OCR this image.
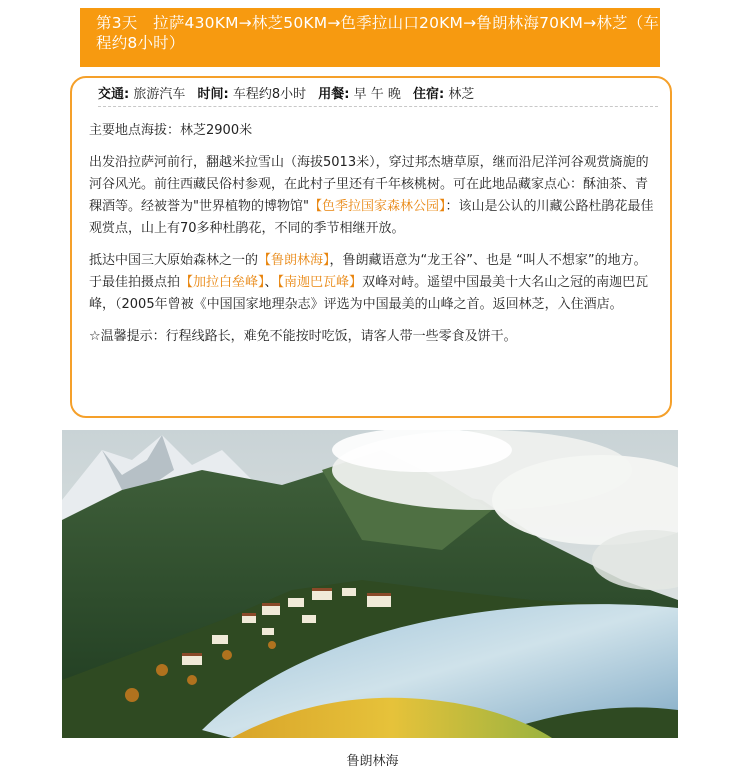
第3天　拉萨430KM→林芝50KM→色季拉山口20KM→鲁朗林海70KM→林芝（车程约8小时）
交通: 旅游汽车 时间: 车程约8小时 用餐: 早 午 晚 住宿: 林芝

主要地点海拔：林芝2900米

出发沿拉萨河前行，翻越米拉雪山（海拔5013米），穿过邦杰塘草原，继而沿尼洋河谷观赏旖旎的河谷风光。前往西藏民俗村参观，在此村子里还有千年核桃树。可在此地品藏家点心：酥油茶、青稞酒等。经被誉为"世界植物的博物馆"【色季拉国家森林公园】：该山是公认的川藏公路杜鹃花最佳观赏点，山上有70多种杜鹃花，不同的季节相继开放。

抵达中国三大原始森林之一的【鲁朗林海】，鲁朗藏语意为“龙王谷”、也是 “叫人不想家”的地方。于最佳拍摄点拍【加拉白垒峰】、【南迦巴瓦峰】双峰对峙。遥望中国最美十大名山之冠的南迦巴瓦峰，（2005年曾被《中国国家地理杂志》评选为中国最美的山峰之首。返回林芝，入住酒店。

☆温馨提示：行程线路长，难免不能按时吃饭，请客人带一些零食及饼干。

鲁朗林海
